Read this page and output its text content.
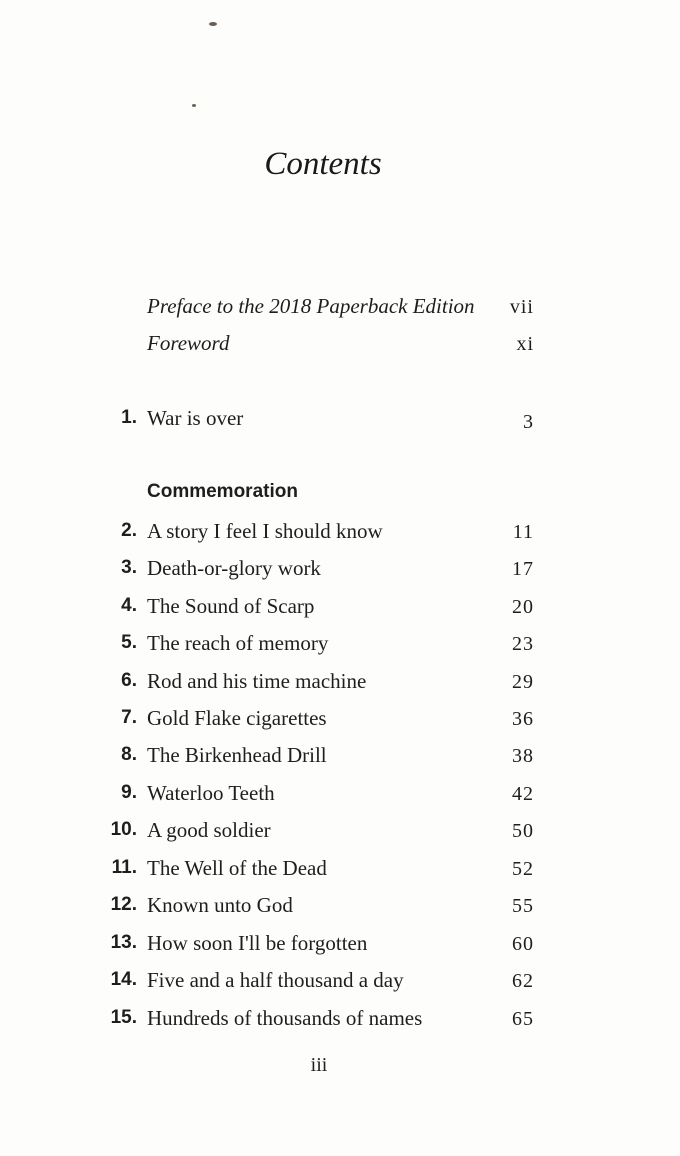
Contents
Preface to the 2018 Paperback Edition vii
Foreword	xi
1. War is over	3
Commemoration
2. A story I feel I should know	11
3. Death-or-glory work	17
4. The Sound of Scarp	20
5. The reach of memory	23
6. Rod and his time machine	29
7. Gold Flake cigarettes	36
8. The Birkenhead Drill	38
9. Waterloo Teeth	42
10. A good soldier	50
11. The Well of the Dead	52
12. Known unto God	55
13. How soon I'll be forgotten	60
14. Five and a half thousand a day	62
15. Hundreds of thousands of names	65
iii
